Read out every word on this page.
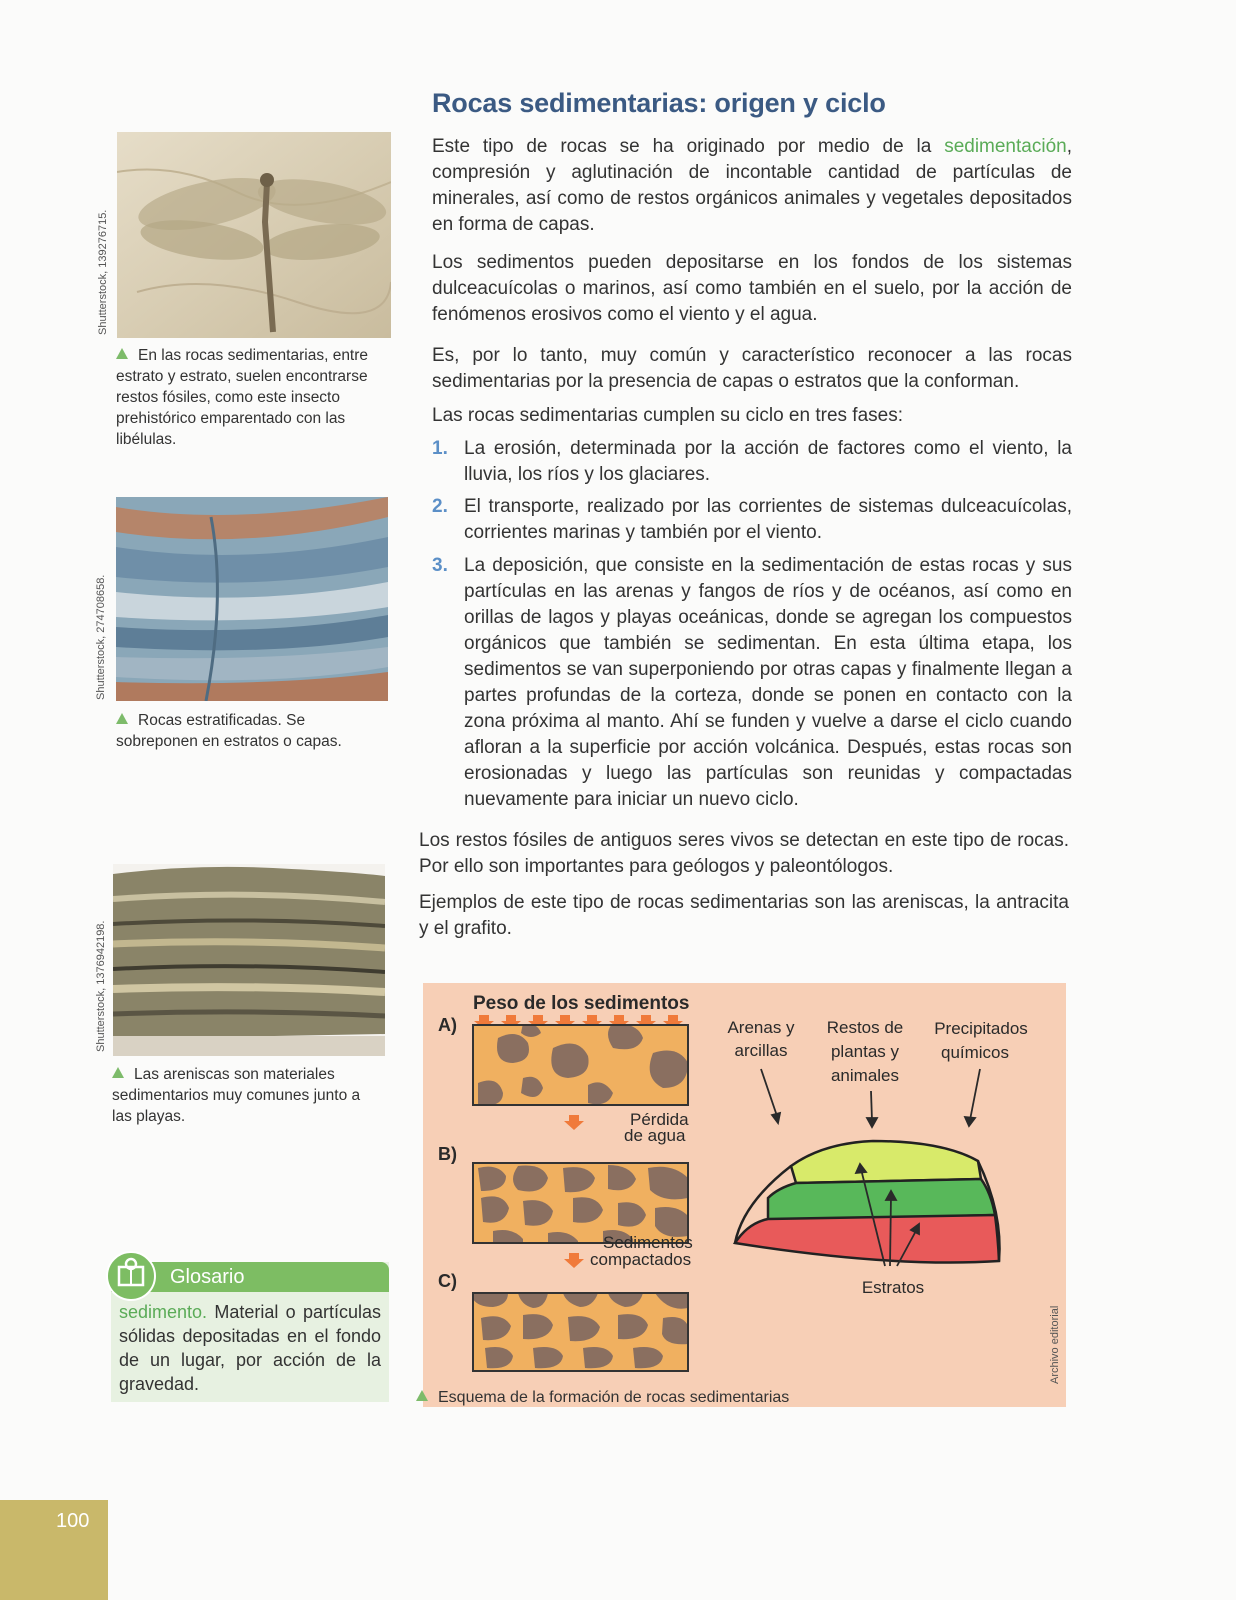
Shutterstock, 139276715.
En las rocas sedimentarias, entre estrato y estrato, suelen encontrarse restos fósiles, como este insecto prehistórico emparentado con las libélulas.
Shutterstock, 274708658.
Rocas estratificadas. Se sobreponen en estratos o capas.
Shutterstock, 1376942198.
Las areniscas son materiales sedimentarios muy comunes junto a las playas.
Glosario
sedimento. Material o partículas sólidas depositadas en el fondo de un lugar, por acción de la gravedad.
100
Rocas sedimentarias: origen y ciclo

Este tipo de rocas se ha originado por medio de la sedimentación, compresión y aglutinación de incontable cantidad de partículas de minerales, así como de restos orgánicos animales y vegetales depositados en forma de capas.

Los sedimentos pueden depositarse en los fondos de los sistemas dulceacuícolas o marinos, así como también en el suelo, por la acción de fenómenos erosivos como el viento y el agua.

Es, por lo tanto, muy común y característico reconocer a las rocas sedimentarias por la presencia de capas o estratos que la conforman.

Las rocas sedimentarias cumplen su ciclo en tres fases:

1. La erosión, determinada por la acción de factores como el viento, la lluvia, los ríos y los glaciares.
2. El transporte, realizado por las corrientes de sistemas dulceacuícolas, corrientes marinas y también por el viento.
3. La deposición, que consiste en la sedimentación de estas rocas y sus partículas en las arenas y fangos de ríos y de océanos, así como en orillas de lagos y playas oceánicas, donde se agregan los compuestos orgánicos que también se sedimentan. En esta última etapa, los sedimentos se van superponiendo por otras capas y finalmente llegan a partes profundas de la corteza, donde se ponen en contacto con la zona próxima al manto. Ahí se funden y vuelve a darse el ciclo cuando afloran a la superficie por acción volcánica. Después, estas rocas son erosionadas y luego las partículas son reunidas y compactadas nuevamente para iniciar un nuevo ciclo.

Los restos fósiles de antiguos seres vivos se detectan en este tipo de rocas. Por ello son importantes para geólogos y paleontólogos.

Ejemplos de este tipo de rocas sedimentarias son las areniscas, la antracita y el grafito.

Peso de los sedimentos
A)
Pérdida
de agua
B)
Sedimentos
compactados
C)
Arenas y
arcillas
Restos de
plantas y
animales
Precipitados
químicos
Estratos
Archivo editorial
Esquema de la formación de rocas sedimentarias
